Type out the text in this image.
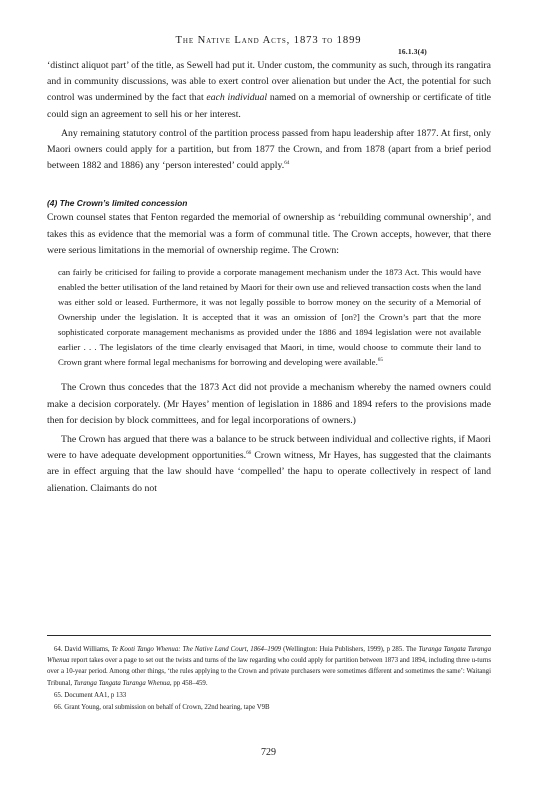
The Native Land Acts, 1873 to 1899
16.1.3(4)

‘distinct aliquot part’ of the title, as Sewell had put it. Under custom, the community as such, through its rangatira and in community discussions, was able to exert control over alienation but under the Act, the potential for such control was undermined by the fact that each individual named on a memorial of ownership or certificate of title could sign an agreement to sell his or her interest.

Any remaining statutory control of the partition process passed from hapu leadership after 1877. At first, only Maori owners could apply for a partition, but from 1877 the Crown, and from 1878 (apart from a brief period between 1882 and 1886) any ‘person interested’ could apply.$^{64}$

(4) The Crown’s limited concession

Crown counsel states that Fenton regarded the memorial of ownership as ‘rebuilding communal ownership’, and takes this as evidence that the memorial was a form of communal title. The Crown accepts, however, that there were serious limitations in the memorial of ownership regime. The Crown:

can fairly be criticised for failing to provide a corporate management mechanism under the 1873 Act. This would have enabled the better utilisation of the land retained by Maori for their own use and relieved transaction costs when the land was either sold or leased. Furthermore, it was not legally possible to borrow money on the security of a Memorial of Ownership under the legislation. It is accepted that it was an omission of [on?] the Crown’s part that the more sophisticated corporate management mechanisms as provided under the 1886 and 1894 legislation were not available earlier . . . The legislators of the time clearly envisaged that Maori, in time, would choose to commute their land to Crown grant where formal legal mechanisms for borrowing and developing were available.$^{65}$

The Crown thus concedes that the 1873 Act did not provide a mechanism whereby the named owners could make a decision corporately. (Mr Hayes’ mention of legislation in 1886 and 1894 refers to the provisions made then for decision by block committees, and for legal incorporations of owners.)

The Crown has argued that there was a balance to be struck between individual and collective rights, if Maori were to have adequate development opportunities.$^{66}$ Crown witness, Mr Hayes, has suggested that the claimants are in effect arguing that the law should have ‘compelled’ the hapu to operate collectively in respect of land alienation. Claimants do not

64. David Williams, Te Kooti Tango Whenua: The Native Land Court, 1864–1909 (Wellington: Huia Publishers, 1999), p 285. The Turanga Tangata Turanga Whenua report takes over a page to set out the twists and turns of the law regarding who could apply for partition between 1873 and 1894, including three u-turns over a 10-year period. Among other things, ‘the rules applying to the Crown and private purchasers were sometimes different and sometimes the same’: Waitangi Tribunal, Turanga Tangata Turanga Whenua, pp 458–459.

65. Document AA1, p 133

66. Grant Young, oral submission on behalf of Crown, 22nd hearing, tape V9B

729
